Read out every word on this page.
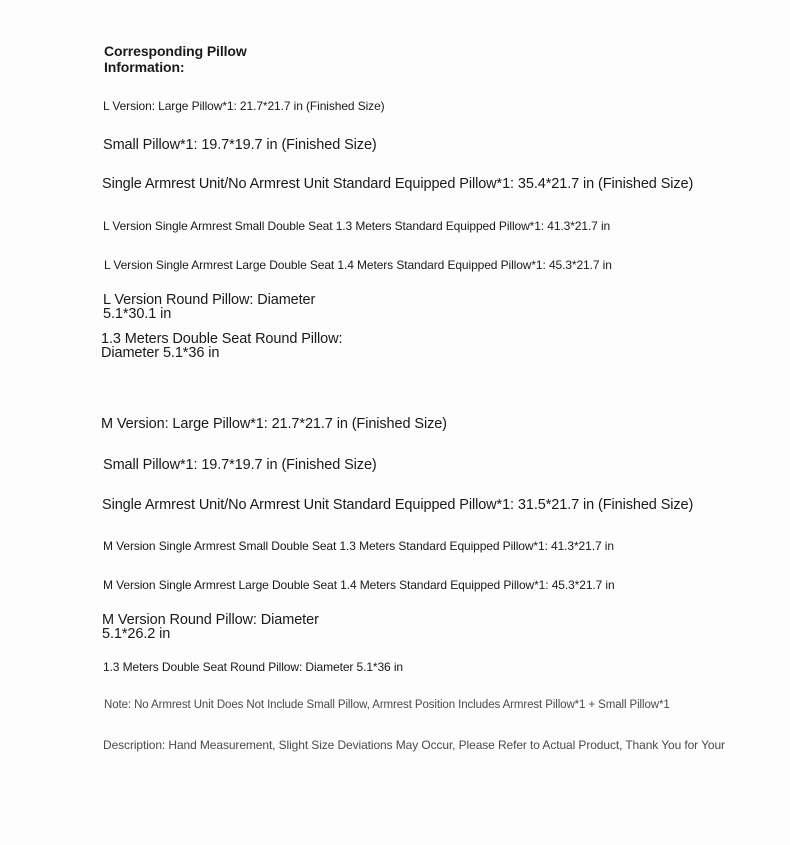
Corresponding Pillow
Information:
L Version: Large Pillow*1: 21.7*21.7 in (Finished Size)
Small Pillow*1: 19.7*19.7 in (Finished Size)
Single Armrest Unit/No Armrest Unit Standard Equipped Pillow*1: 35.4*21.7 in (Finished Size)
L Version Single Armrest Small Double Seat 1.3 Meters Standard Equipped Pillow*1: 41.3*21.7 in
L Version Single Armrest Large Double Seat 1.4 Meters Standard Equipped Pillow*1: 45.3*21.7 in
L Version Round Pillow: Diameter
5.1*30.1 in
1.3 Meters Double Seat Round Pillow:
Diameter 5.1*36 in
M Version: Large Pillow*1: 21.7*21.7 in (Finished Size)
Small Pillow*1: 19.7*19.7 in (Finished Size)
Single Armrest Unit/No Armrest Unit Standard Equipped Pillow*1: 31.5*21.7 in (Finished Size)
M Version Single Armrest Small Double Seat 1.3 Meters Standard Equipped Pillow*1: 41.3*21.7 in
M Version Single Armrest Large Double Seat 1.4 Meters Standard Equipped Pillow*1: 45.3*21.7 in
M Version Round Pillow: Diameter
5.1*26.2 in
1.3 Meters Double Seat Round Pillow: Diameter 5.1*36 in
Note: No Armrest Unit Does Not Include Small Pillow, Armrest Position Includes Armrest Pillow*1 + Small Pillow*1
Description: Hand Measurement, Slight Size Deviations May Occur, Please Refer to Actual Product, Thank You for Your
